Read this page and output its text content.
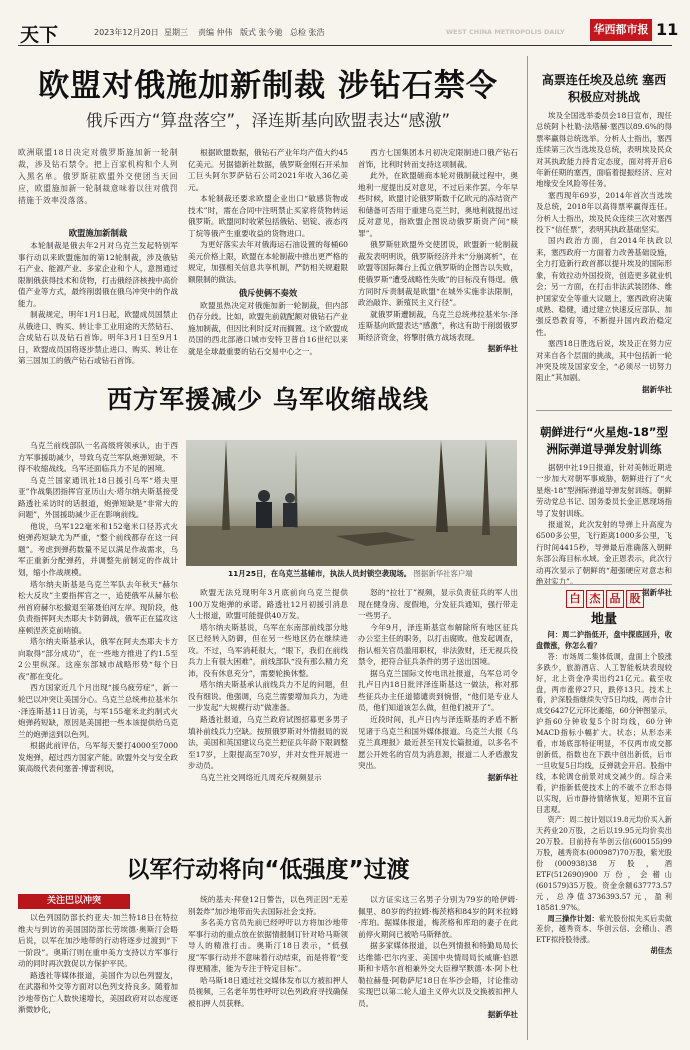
天下	2023年12月20日 星期三 责编 仲伟 版式 张今驰 总检 张浩	WEST CHINA METROPOLIS DAILY	华西都市报 11
欧盟对俄施加新制裁 涉钻石禁令
俄斥西方“算盘落空”，泽连斯基向欧盟表达“感激”
欧洲联盟18日决定对俄罗斯施加新一轮制裁，涉及钻石禁令。把上百家机构和个人列入黑名单。俄罗斯驻欧盟外交使团当天回应，欧盟施加新一轮制裁意味着以往对俄罚措施于效率没落落。
欧盟施加新制裁

本轮制裁是俄去年2月对乌克兰发起特别军事行动以来欧盟施加的第12轮制裁，涉及俄钻石产业、能源产业、多家企业和个人，意图通过限制俄获得技术和货物，打击俄经济核拽中高价值产业等方式，最终削弱俄在俄乌冲突中的作战能力。

制裁规定，明年1月1日起，欧盟成员国禁止从俄进口、购买、转让非工业用途的天然钻石、合成钻石以及钻石首饰。明年3月1日至9月1日，欧盟成员国将逐步禁止进口、购买、转让在第三国加工的俄产钻石或钻石首饰。

根据欧盟数据，俄钻石产业年均产值大约45亿美元。另据德新社数据，俄罗斯金刚石开采加工巨头阿尔罗萨钻石公司2021年收入36亿美元。

本轮制裁还要求欧盟企业出口“敏感货物或技术”时，需在合同中注明禁止买家将货物转运俄罗斯。欧盟同时收紧包括俄钻、铝锭、液态丙丁烷等俄产生重要收益的货物进口。

为更好落实去年对俄海运石油设置的每桶60美元价格上限，欧盟在本轮制裁中推出更严格的规定，加强相关信息共享机制，严防相关规避限额限制的做法。

俄斥使俩不奏效

欧盟虽热决定对俄施加新一轮制裁，但内部仍存分歧。比如，欧盟先前就配额对俄钻石产业施加制裁，但因比利时反对而搁置。这个欧盟成员国的西北部港口城市安特卫普自16世纪以来就是全球最重要的钻石交易中心之一。

西方七国集团本月初决定限制进口俄产钻石首饰，比利时转而支持这项制裁。

此外，在欧盟磋商本轮对俄制裁过程中，奥地利一度提出反对意见，不过后来作罢。今年早些时候，欧盟讨论俄罗斯数千亿欧元的冻结资产和储备可否用于重建乌克兰时，奥地利就提出过反对意见，指欧盟企图说动俄罗斯资产问“赎罪”。

俄罗斯驻欧盟外交使团说，欧盟新一轮制裁裁发表明明说，俄罗斯经济并未“分崩离析”，在欧盟等国际舞台上孤立俄罗斯的企图告以失败，使俄罗斯“遭受战略性失败”的目标没有得逞。俄方同时斥责制裁是欧盟“在城外实施非法限制，政治敲诈、新殖民主义行径”。

就俄罗斯遭制裁，乌克兰总统弗拉基米尔·泽连斯基向欧盟表达“感激”，称这有助于削弱俄罗斯经济资金，将擎肘俄方战场表现。

据新华社

西方军援减少 乌军收缩战线
11月25日，在乌克兰基辅市，执法人员封锁空袭现场。 图据新华社客户端

乌克兰前线部队一名高级将领承认，由于西方军事援助减少，导致乌克兰军队炮弹短缺，不得不收缩战线。乌军还面临兵力不足的困境。

乌克兰国家通讯社18日援引乌军“塔夫里亚”作战集团指挥官亚历山大·塔尔纳夫斯基接受路透社采访时的话报道，炮弹短缺是“非常大的问题”，外国援助减少正在影响前线。

他说，乌军122毫米和152毫米口径苏式火炮弹药短缺尤为严重，“整个前线都存在这一问题”。考虑到弹药数量不足以满足作战需求，乌军正重新分配弹药，并调整先前制定的作战计划，缩小作战规模。

塔尔纳夫斯基是乌克兰军队去年秋天“赫尔松大反攻”主要指挥官之一，追使俄军从赫尔松州首府赫尔松撤退至第聂伯河左岸。现阶段，他负责指挥阿夫杰耶夫卡防御战，俄军正在猛攻这座顿涅茨克前哨镇。

塔尔纳夫斯基承认，俄军在阿夫杰耶夫卡方向取得“部分成功”，在一些地方推进了约1.5至2公里纵深。这座东部城市战略形势“每个日夜”都在变化。

西方国家近几个月出现“援乌疲劳症”，新一轮巴以冲突让美国分心。乌克兰总统弗拉基米尔·泽连斯基11日访美，与军155毫米北约制式火炮弹药短缺，原因是美国把一些本该提供给乌克兰的炮弹送到以色列。

根据此前评估，乌军每天要打4000至7000发炮弹，超过西方国家产能。欧盟外交与安全政策高级代表何塞普·博雷利说，

欧盟无法兑现明年3月底前向乌克兰提供100万发炮弹的承诺。路透社12月初援引消息人士报道，欧盟可能提供40万发。

塔尔纳夫斯基说，乌军在东南部前线部分地区已经转入防御，但在另一些地区仍在继续进攻。不过，乌军消耗很大，“眼下，我们在前线兵力上有很大困难”，前线部队“没有那么精力充沛，没有休息充分”，需要轮换休整。

塔尔纳夫斯基承认前线兵力不足的问题，但没有细说。他强调，乌克兰需要增加兵力，为进一步发起“大规模行动”做准备。

路透社报道，乌克兰政府试图招募更多男子填补前线兵力空缺。按照俄罗斯对外情报局的说法，美国和英国建议乌克兰把征兵年龄下限调整至17岁，上限提高至70岁，并对女性开展进一步动员。

乌克兰社交网络近几周充斥视频显示

怒的“拉壮丁”视频，显示负责征兵的军人出现在健身房、度假地，分发征兵通知，强行带走一些男子。

今年9月，泽连斯基宣布解除所有地区征兵办公室主任的职务，以打击腐败。他发起调查，指认相关官员滥用职权，非法敛财，还无视兵役禁令，把符合征兵条件的男子送出国境。

据乌克兰国际文传电讯社报道，乌军总司令扎卢日内18日批评泽连斯基这一做法，称对那些征兵办主任道德谴责到惋惜，“他们是专业人员，他们知道该怎么做，但他们被开了”。

近段时间，扎卢日内与泽连斯基的矛盾不断见诸于乌克兰和国外媒体报道。乌克兰大报《乌克兰真理报》最近甚至刊发长篇报道，以多名不愿公开姓名的官员为消息源，报道二人矛盾激发突出。

据新华社

以军行动将向“低强度”过渡
关注巴以冲突

以色列国防部长约亚夫·加兰特18日在特拉维夫与到访的美国国防部长劳埃德·奥斯汀会晤后说，以军在加沙地带的行动将逐步过渡到“下一阶段”。奥斯汀则在重申美方支持以方军事行动的同时再次敦促以方保护平民。

路透社等媒体报道，美国作为以色列盟友，在武器和外交等方面对以色列支持良多。随着加沙地带伤亡人数快速增长，美国政府对以态度逐渐微妙化，

统的基夫·拜登12日警告，以色列正因“无差别轰炸”加沙地带而失去国际社会支持。

多名美方官员先前已经呼吁以方将加沙地带军事行动的重点放在依据情报制订针对哈马斯领导人的精准打击。奥斯汀18日表示，“低强度”军事行动并不意味着行动结束，而是将着“变得更精准，能为专注于特定目标”。

哈马斯18日通过社交媒体发布以方被扣押人员视频，三名老年男性呼吁以色列政府寻找确保被扣押人员获释。

以方证实这三名男子分别为79岁的哈伊姆·佩里、80岁的约拉姆·梅茨格和84岁的阿米拉姆·库珀。据媒体报道，梅茨格和库珀的妻子在此前停火期间已被哈马斯释放。

据多家媒体报道，以色列情报和特勤局局长达维德·巴尔内亚、美国中央情局局长威廉·伯恩斯和卡塔尔首相兼外交大臣穆罕默德·本·阿卜杜勒拉赫曼·阿勒萨尼18日在华沙会晤，讨论推动实现巴以第二轮人道主义停火以及交换被扣押人员。

据新华社

高票连任埃及总统 塞西积极应对挑战

埃及全国选举委员会18日宣布，现任总统阿卜杜勒-法塔赫·塞西以89.6%的得票率赢得总统选举。分析人士指出，塞西连续第三次当选埃及总统，表明埃及民众对其执政能力持肯定态度，面对将开启6年新任期的塞西，面临着提振经济、应对地缘安全风险等任务。

塞西现年69岁，2014年首次当选埃及总统，2018年以高得票率赢得连任。分析人士指出，埃及民众连续三次对塞西投下“信任票”，表明其执政基础坚实。

国内政治方面，自2014年执政以来，塞西政府一方面着力改善基础设施，全力打造新行政首都以提升埃及的国际形象，有效拉动外国投资，创造更多就业机会；另一方面，在打击非法武装团体、维护国家安全等重大议题上，塞西政府决策成熟、稳健，通过建立快速反应部队、加强反恐教育等，不断提升国内政治稳定性。

塞西18日胜选后说，埃及正在努力应对来自各个层面的挑战，其中包括新一轮冲突及埃及国家安全，“必须尽一切努力阻止”其加剧。

据新华社

朝鲜进行“火星炮-18”型洲际弹道导弹发射训练

据朝中社19日报道，针对美韩近期进一步加大对朝军事威胁，朝鲜进行了“火星炮-18”型洲际弹道导弹发射训练。朝鲜劳动党总书记、国务委员长金正恩现场指导了发射训练。

报道说，此次发射的导弹上升高度为6500多公里，飞行距离1000多公里，飞行时间4415秒，导弹最后准确落入朝鲜东部公海目标水域。金正恩表示，此次行动再次显示了朝鲜的“超强硬应对意志和绝对实力”。

据新华社

白 杰 品 股
地量

问：周二沪指低开，盘中探底回升，收盘微涨，你怎么看？

答：市场周二集体低调，盘面上个股涨多跌少，旅游酒店、人工智能板块表现较好，北上资金净卖出约21亿元。截至收盘，两市涨停27只，跌停13只。技术上看，沪深股指继续失守5日均线，两市合计成交6427亿元环比萎缩，60分钟图显示，沪指60分钟收复5个时均线，60分钟MACD指标小幅扩大。状态；从形态来看，市场底部特征明显，不仅两市成交都创新低，指数也在下跌中创出新低，后市一旦收复5日均线，反弹就会开启。股指中线，本轮调仓前景对成交减少的。综合来看，沪指新低使技术上的不破不立形态得以实现，后市静待情绪恢复，短期不宜盲目悲观。

资产：周二按计划以19.8元均价买入新天药业20万股，之后以19.95元均价卖出20万股。目前持有华创云信(600155)99万股，越秀资本(000987)70万股，紫光股份(000938)38万股，酒ETF(512690)900万份，会稽山(601579)35万股。资金余额637773.57元，总净值3736393.57元，盈利18581.97%。

周三操作计划：紫光股份拟先买后卖做差价，越秀资本、华创云信、会稽山、酒ETF拟持股待涨。

胡佳杰
